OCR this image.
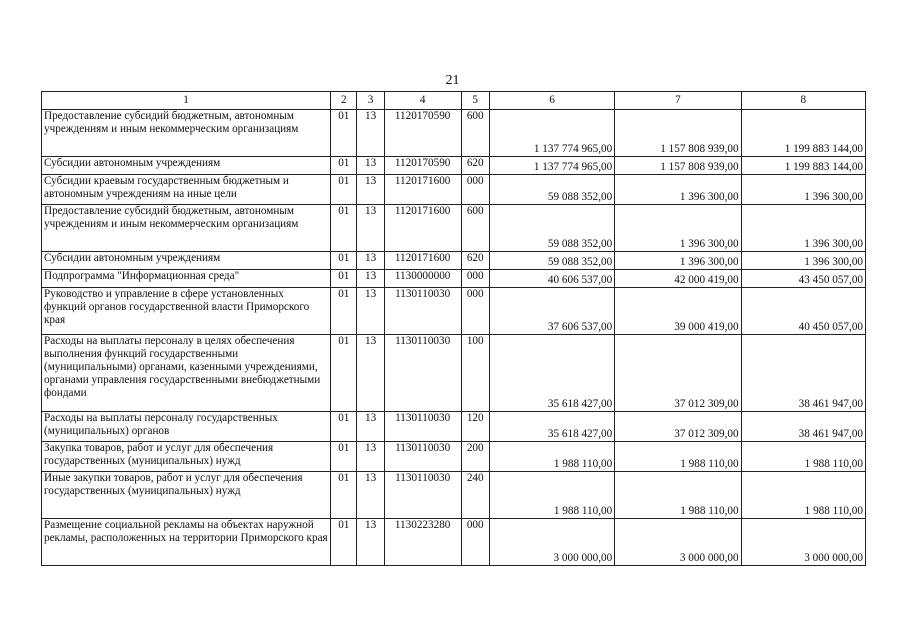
21
1	2	3	4	5	6	7	8
Предоставление субсидий бюджетным, автономным учреждениям и иным некоммерческим организациям	01	13	1120170590	600	1 137 774 965,00	1 157 808 939,00	1 199 883 144,00
Субсидии автономным учреждениям	01	13	1120170590	620	1 137 774 965,00	1 157 808 939,00	1 199 883 144,00
Субсидии краевым государственным бюджетным и автономным учреждениям на иные цели	01	13	1120171600	000	59 088 352,00	1 396 300,00	1 396 300,00
Предоставление субсидий бюджетным, автономным учреждениям и иным некоммерческим организациям	01	13	1120171600	600	59 088 352,00	1 396 300,00	1 396 300,00
Субсидии автономным учреждениям	01	13	1120171600	620	59 088 352,00	1 396 300,00	1 396 300,00
Подпрограмма "Информационная среда"	01	13	1130000000	000	40 606 537,00	42 000 419,00	43 450 057,00
Руководство и управление в сфере установленных функций органов государственной власти Приморского края	01	13	1130110030	000	37 606 537,00	39 000 419,00	40 450 057,00
Расходы на выплаты персоналу в целях обеспечения выполнения функций государственными (муниципальными) органами, казенными учреждениями, органами управления государственными внебюджетными фондами	01	13	1130110030	100	35 618 427,00	37 012 309,00	38 461 947,00
Расходы на выплаты персоналу государственных (муниципальных) органов	01	13	1130110030	120	35 618 427,00	37 012 309,00	38 461 947,00
Закупка товаров, работ и услуг для обеспечения государственных (муниципальных) нужд	01	13	1130110030	200	1 988 110,00	1 988 110,00	1 988 110,00
Иные закупки товаров, работ и услуг для обеспечения государственных (муниципальных) нужд	01	13	1130110030	240	1 988 110,00	1 988 110,00	1 988 110,00
Размещение социальной рекламы на объектах наружной рекламы, расположенных на территории Приморского края	01	13	1130223280	000	3 000 000,00	3 000 000,00	3 000 000,00
